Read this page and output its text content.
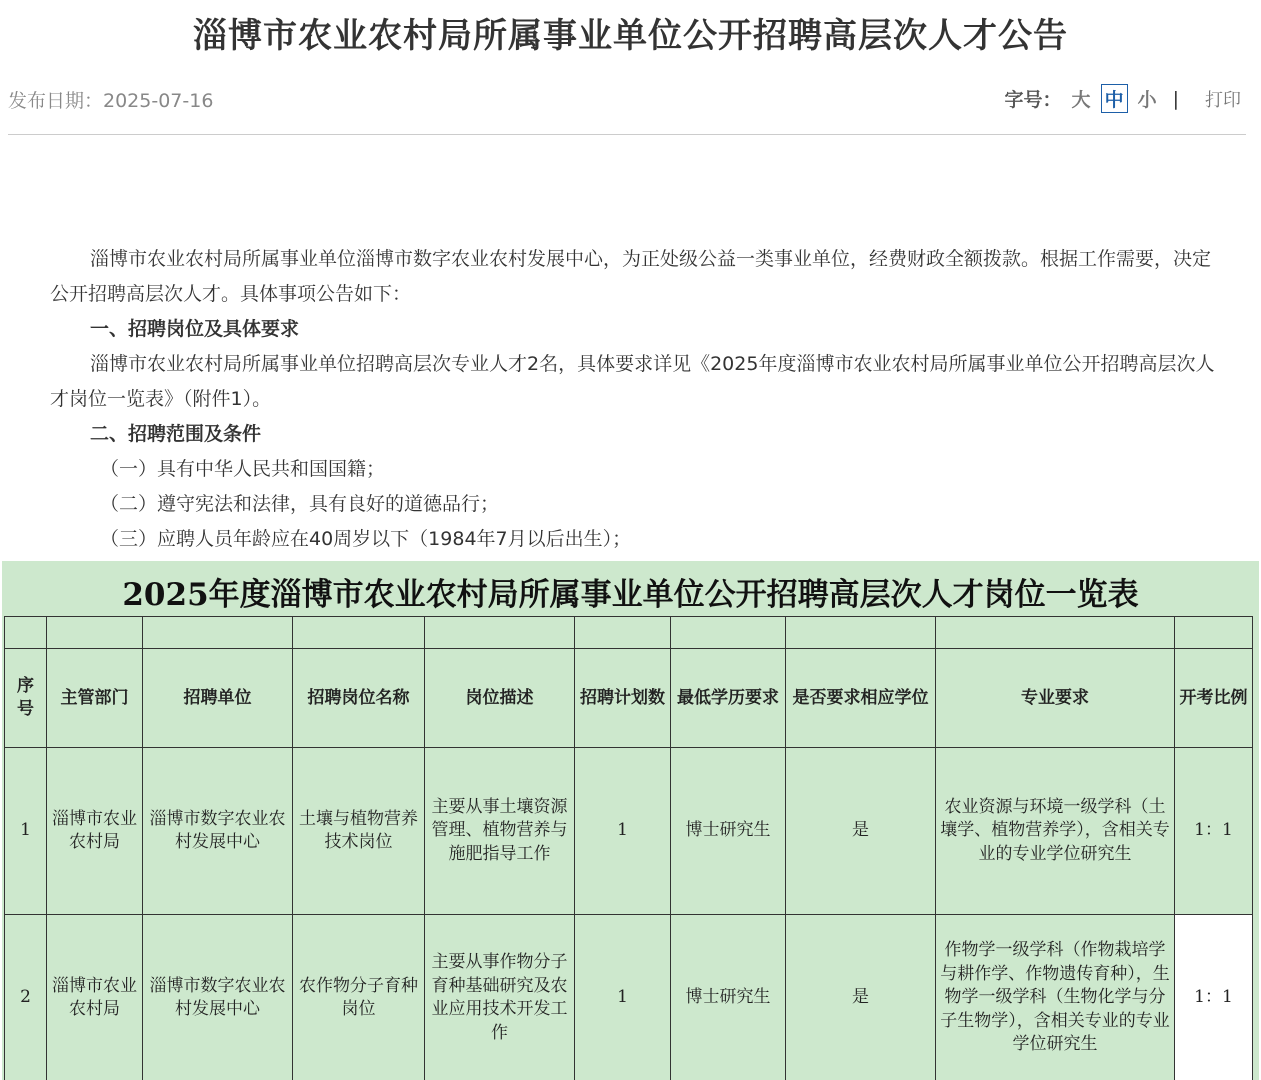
淄博市农业农村局所属事业单位公开招聘高层次人才公告
发布日期：2025-07-16	字号： 大 中 小 | 打印

淄博市农业农村局所属事业单位淄博市数字农业农村发展中心，为正处级公益一类事业单位，经费财政全额拨款。根据工作需要，决定公开招聘高层次人才。具体事项公告如下：

一、招聘岗位及具体要求

淄博市农业农村局所属事业单位招聘高层次专业人才2名，具体要求详见《2025年度淄博市农业农村局所属事业单位公开招聘高层次人才岗位一览表》（附件1）。

二、招聘范围及条件

（一）具有中华人民共和国国籍；

（二）遵守宪法和法律，具有良好的道德品行；

（三）应聘人员年龄应在40周岁以下（1984年7月以后出生）；

2025年度淄博市农业农村局所属事业单位公开招聘高层次人才岗位一览表

序号	主管部门	招聘单位	招聘岗位名称	岗位描述	招聘计划数	最低学历要求	是否要求相应学位	专业要求	开考比例
1	淄博市农业农村局	淄博市数字农业农村发展中心	土壤与植物营养技术岗位	主要从事土壤资源管理、植物营养与施肥指导工作	1	博士研究生	是	农业资源与环境一级学科（土壤学、植物营养学），含相关专业的专业学位研究生	1：1
2	淄博市农业农村局	淄博市数字农业农村发展中心	农作物分子育种岗位	主要从事作物分子育种基础研究及农业应用技术开发工作	1	博士研究生	是	作物学一级学科（作物栽培学与耕作学、作物遗传育种），生物学一级学科（生物化学与分子生物学），含相关专业的专业学位研究生	1：1
